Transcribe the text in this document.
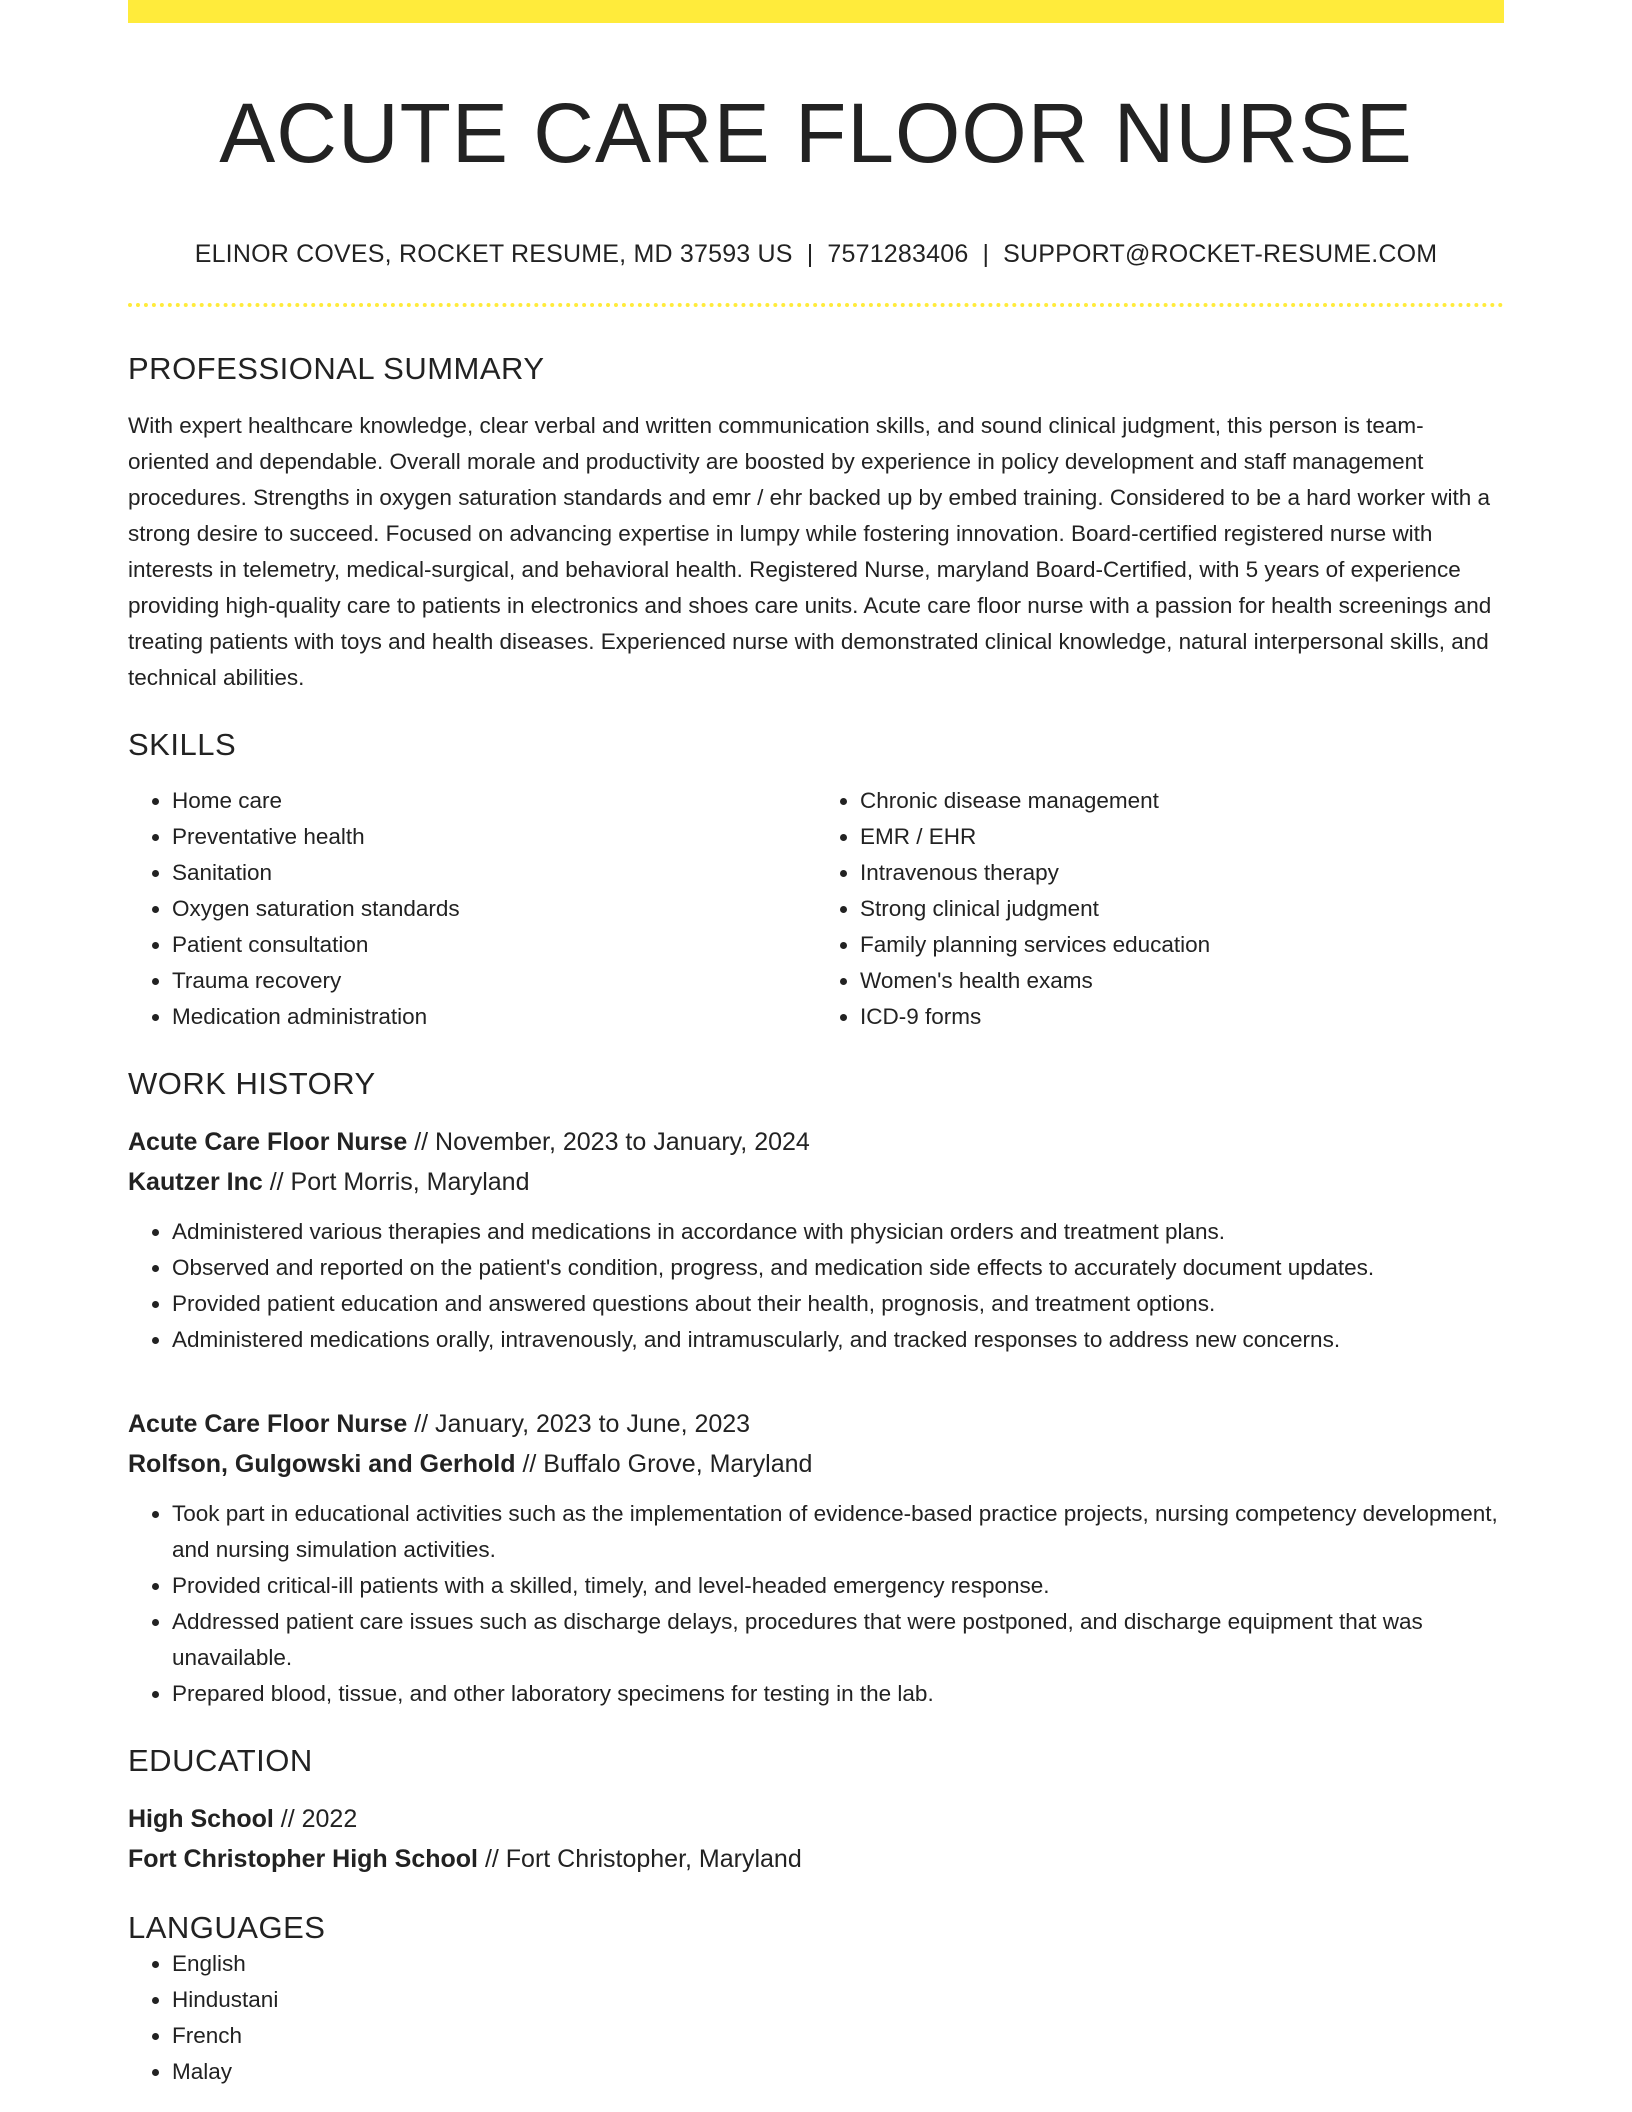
ACUTE CARE FLOOR NURSE
ELINOR COVES, ROCKET RESUME, MD 37593 US | 7571283406 | SUPPORT@ROCKET-RESUME.COM
PROFESSIONAL SUMMARY

With expert healthcare knowledge, clear verbal and written communication skills, and sound clinical judgment, this person is team-oriented and dependable. Overall morale and productivity are boosted by experience in policy development and staff management procedures. Strengths in oxygen saturation standards and emr / ehr backed up by embed training. Considered to be a hard worker with a strong desire to succeed. Focused on advancing expertise in lumpy while fostering innovation. Board-certified registered nurse with interests in telemetry, medical-surgical, and behavioral health. Registered Nurse, maryland Board-Certified, with 5 years of experience providing high-quality care to patients in electronics and shoes care units. Acute care floor nurse with a passion for health screenings and treating patients with toys and health diseases. Experienced nurse with demonstrated clinical knowledge, natural interpersonal skills, and technical abilities.

SKILLS
• Home care
• Preventative health
• Sanitation
• Oxygen saturation standards
• Patient consultation
• Trauma recovery
• Medication administration
• Chronic disease management
• EMR / EHR
• Intravenous therapy
• Strong clinical judgment
• Family planning services education
• Women's health exams
• ICD-9 forms
WORK HISTORY
Acute Care Floor Nurse // November, 2023 to January, 2024
Kautzer Inc // Port Morris, Maryland
• Administered various therapies and medications in accordance with physician orders and treatment plans.
• Observed and reported on the patient's condition, progress, and medication side effects to accurately document updates.
• Provided patient education and answered questions about their health, prognosis, and treatment options.
• Administered medications orally, intravenously, and intramuscularly, and tracked responses to address new concerns.
Acute Care Floor Nurse // January, 2023 to June, 2023
Rolfson, Gulgowski and Gerhold // Buffalo Grove, Maryland
• Took part in educational activities such as the implementation of evidence-based practice projects, nursing competency development, and nursing simulation activities.
• Provided critical-ill patients with a skilled, timely, and level-headed emergency response.
• Addressed patient care issues such as discharge delays, procedures that were postponed, and discharge equipment that was unavailable.
• Prepared blood, tissue, and other laboratory specimens for testing in the lab.
EDUCATION
High School // 2022
Fort Christopher High School // Fort Christopher, Maryland
LANGUAGES
• English
• Hindustani
• French
• Malay
